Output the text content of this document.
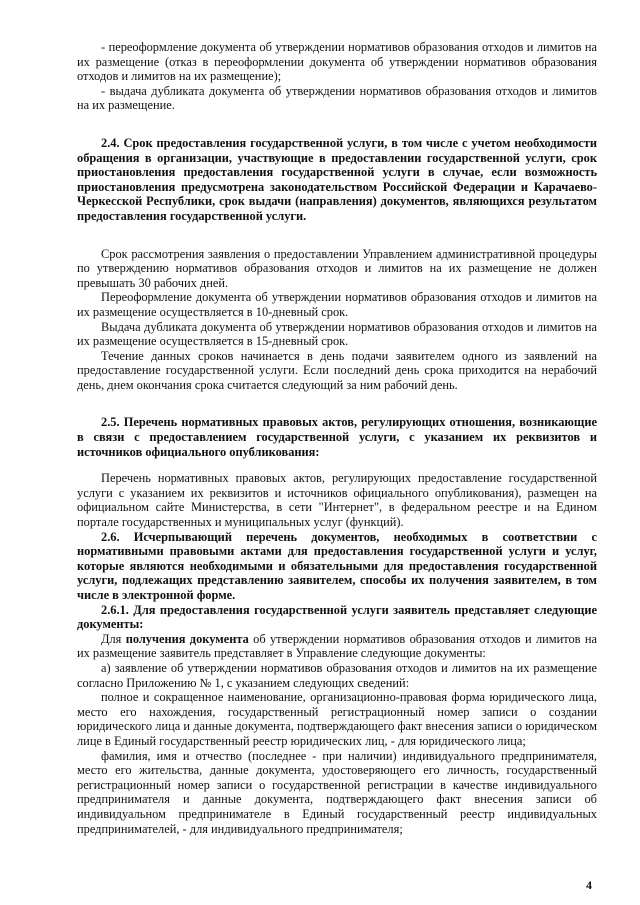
- переоформление документа об утверждении нормативов образования отходов и лимитов на их размещение (отказ в переоформлении документа об утверждении нормативов образования отходов и лимитов на их размещение);

- выдача дубликата документа об утверждении нормативов образования отходов и лимитов на их размещение.

2.4. Срок предоставления государственной услуги, в том числе с учетом необходимости обращения в организации, участвующие в предоставлении государственной услуги, срок приостановления предоставления государственной услуги в случае, если возможность приостановления предусмотрена законодательством Российской Федерации и Карачаево-Черкесской Республики, срок выдачи (направления) документов, являющихся результатом предоставления государственной услуги.

Срок рассмотрения заявления о предоставлении Управлением административной процедуры по утверждению нормативов образования отходов и лимитов на их размещение не должен превышать 30 рабочих дней.

Переоформление документа об утверждении нормативов образования отходов и лимитов на их размещение осуществляется в 10-дневный срок.

Выдача дубликата документа об утверждении нормативов образования отходов и лимитов на их размещение осуществляется в 15-дневный срок.

Течение данных сроков начинается в день подачи заявителем одного из заявлений на предоставление государственной услуги. Если последний день срока приходится на нерабочий день, днем окончания срока считается следующий за ним рабочий день.

2.5. Перечень нормативных правовых актов, регулирующих отношения, возникающие в связи с предоставлением государственной услуги, с указанием их реквизитов и источников официального опубликования:

Перечень нормативных правовых актов, регулирующих предоставление государственной услуги с указанием их реквизитов и источников официального опубликования), размещен на официальном сайте Министерства, в сети "Интернет", в федеральном реестре и на Едином портале государственных и муниципальных услуг (функций).

2.6. Исчерпывающий перечень документов, необходимых в соответствии с нормативными правовыми актами для предоставления государственной услуги и услуг, которые являются необходимыми и обязательными для предоставления государственной услуги, подлежащих представлению заявителем, способы их получения заявителем, в том числе в электронной форме.

2.6.1. Для предоставления государственной услуги заявитель представляет следующие документы:

Для получения документа об утверждении нормативов образования отходов и лимитов на их размещение заявитель представляет в Управление следующие документы:

а) заявление об утверждении нормативов образования отходов и лимитов на их размещение согласно Приложению № 1, с указанием следующих сведений:

полное и сокращенное наименование, организационно-правовая форма юридического лица, место его нахождения, государственный регистрационный номер записи о создании юридического лица и данные документа, подтверждающего факт внесения записи о юридическом лице в Единый государственный реестр юридических лиц, - для юридического лица;

фамилия, имя и отчество (последнее - при наличии) индивидуального предпринимателя, место его жительства, данные документа, удостоверяющего его личность, государственный регистрационный номер записи о государственной регистрации в качестве индивидуального предпринимателя и данные документа, подтверждающего факт внесения записи об индивидуальном предпринимателе в Единый государственный реестр индивидуальных предпринимателей, - для индивидуального предпринимателя;

4
